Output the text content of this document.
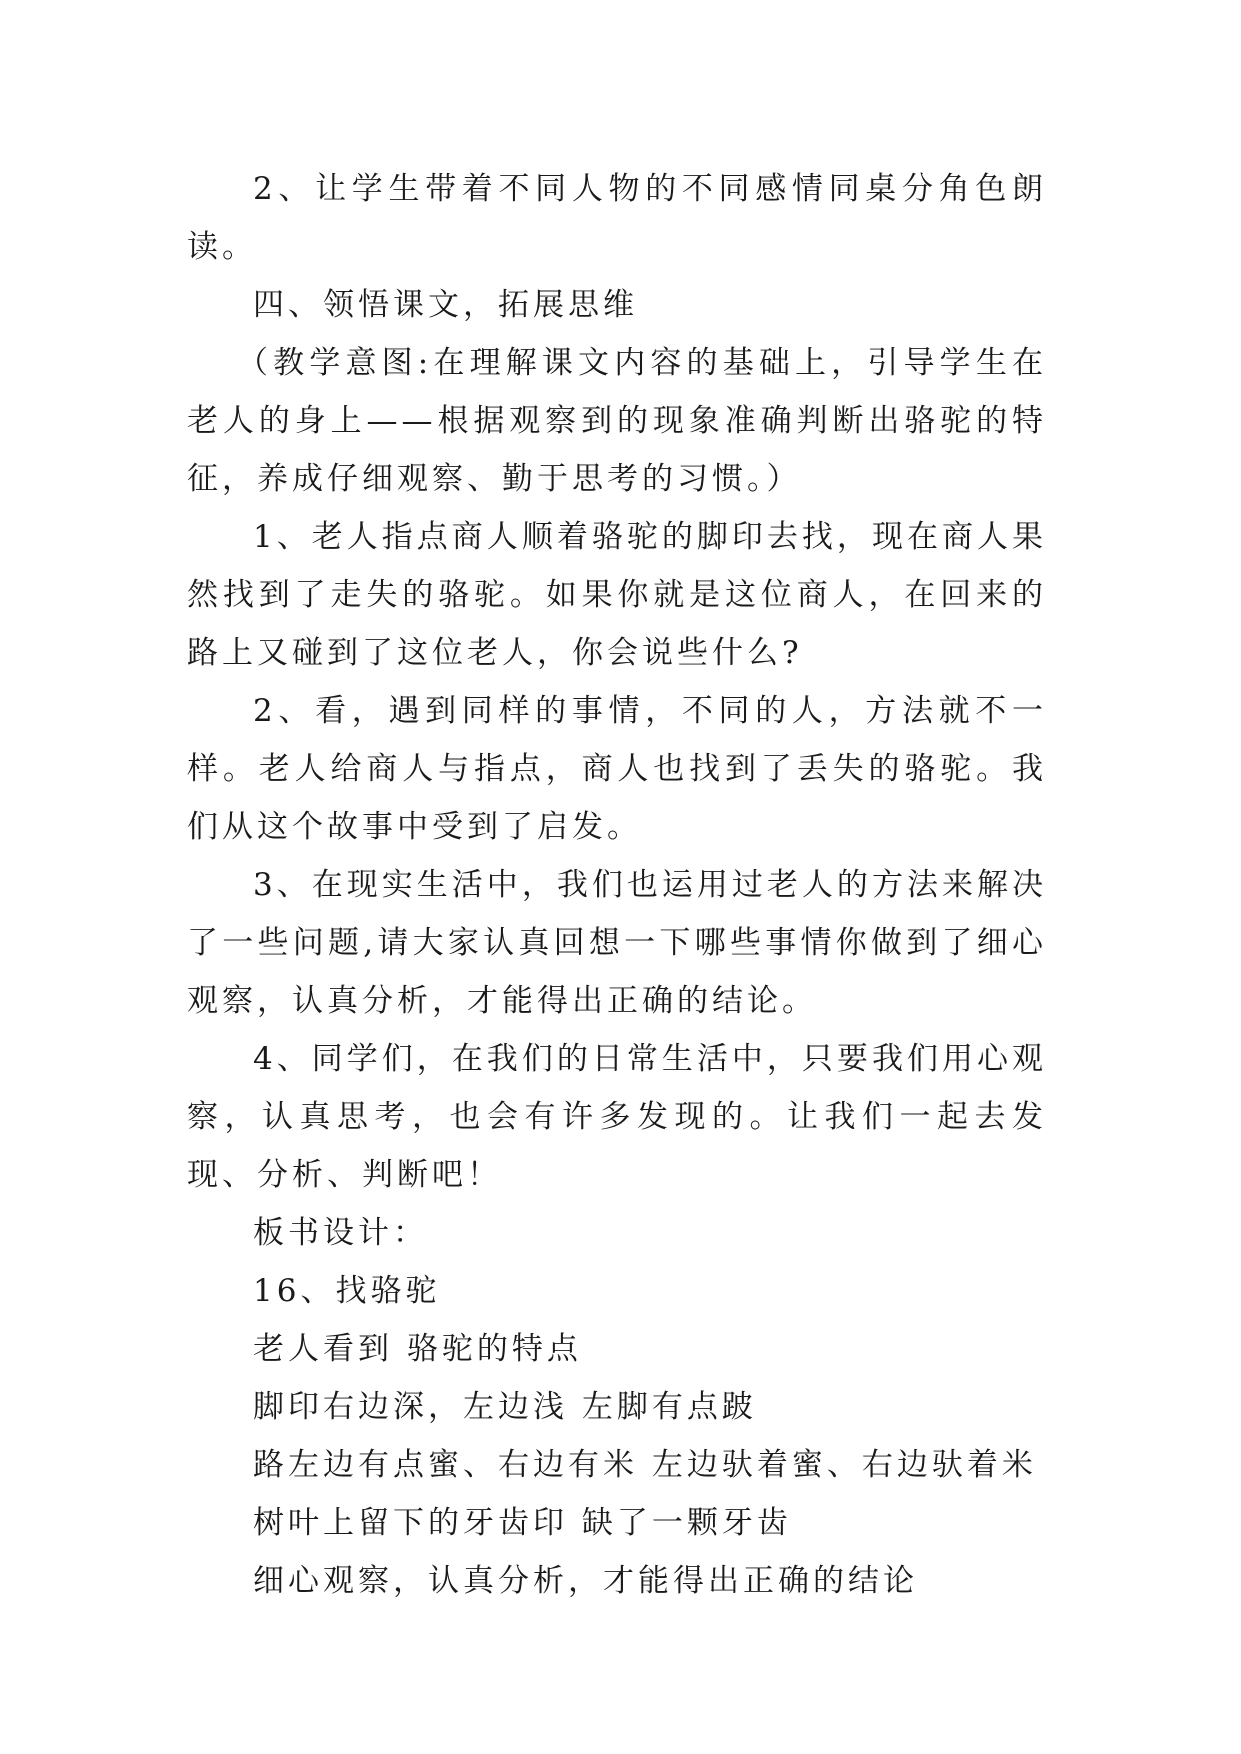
2、让学生带着不同人物的不同感情同桌分角色朗读。

四、领悟课文，拓展思维

（教学意图:在理解课文内容的基础上，引导学生在老人的身上——根据观察到的现象准确判断出骆驼的特征，养成仔细观察、勤于思考的习惯。）

1、老人指点商人顺着骆驼的脚印去找，现在商人果然找到了走失的骆驼。如果你就是这位商人，在回来的路上又碰到了这位老人，你会说些什么?

2、看，遇到同样的事情，不同的人，方法就不一样。老人给商人与指点，商人也找到了丢失的骆驼。我们从这个故事中受到了启发。

3、在现实生活中，我们也运用过老人的方法来解决了一些问题,请大家认真回想一下哪些事情你做到了细心观察，认真分析，才能得出正确的结论。

4、同学们，在我们的日常生活中，只要我们用心观察，认真思考，也会有许多发现的。让我们一起去发现、分析、判断吧！

板书设计：

16、找骆驼

老人看到 骆驼的特点

脚印右边深，左边浅 左脚有点跛

路左边有点蜜、右边有米 左边驮着蜜、右边驮着米

树叶上留下的牙齿印 缺了一颗牙齿

细心观察，认真分析，才能得出正确的结论
